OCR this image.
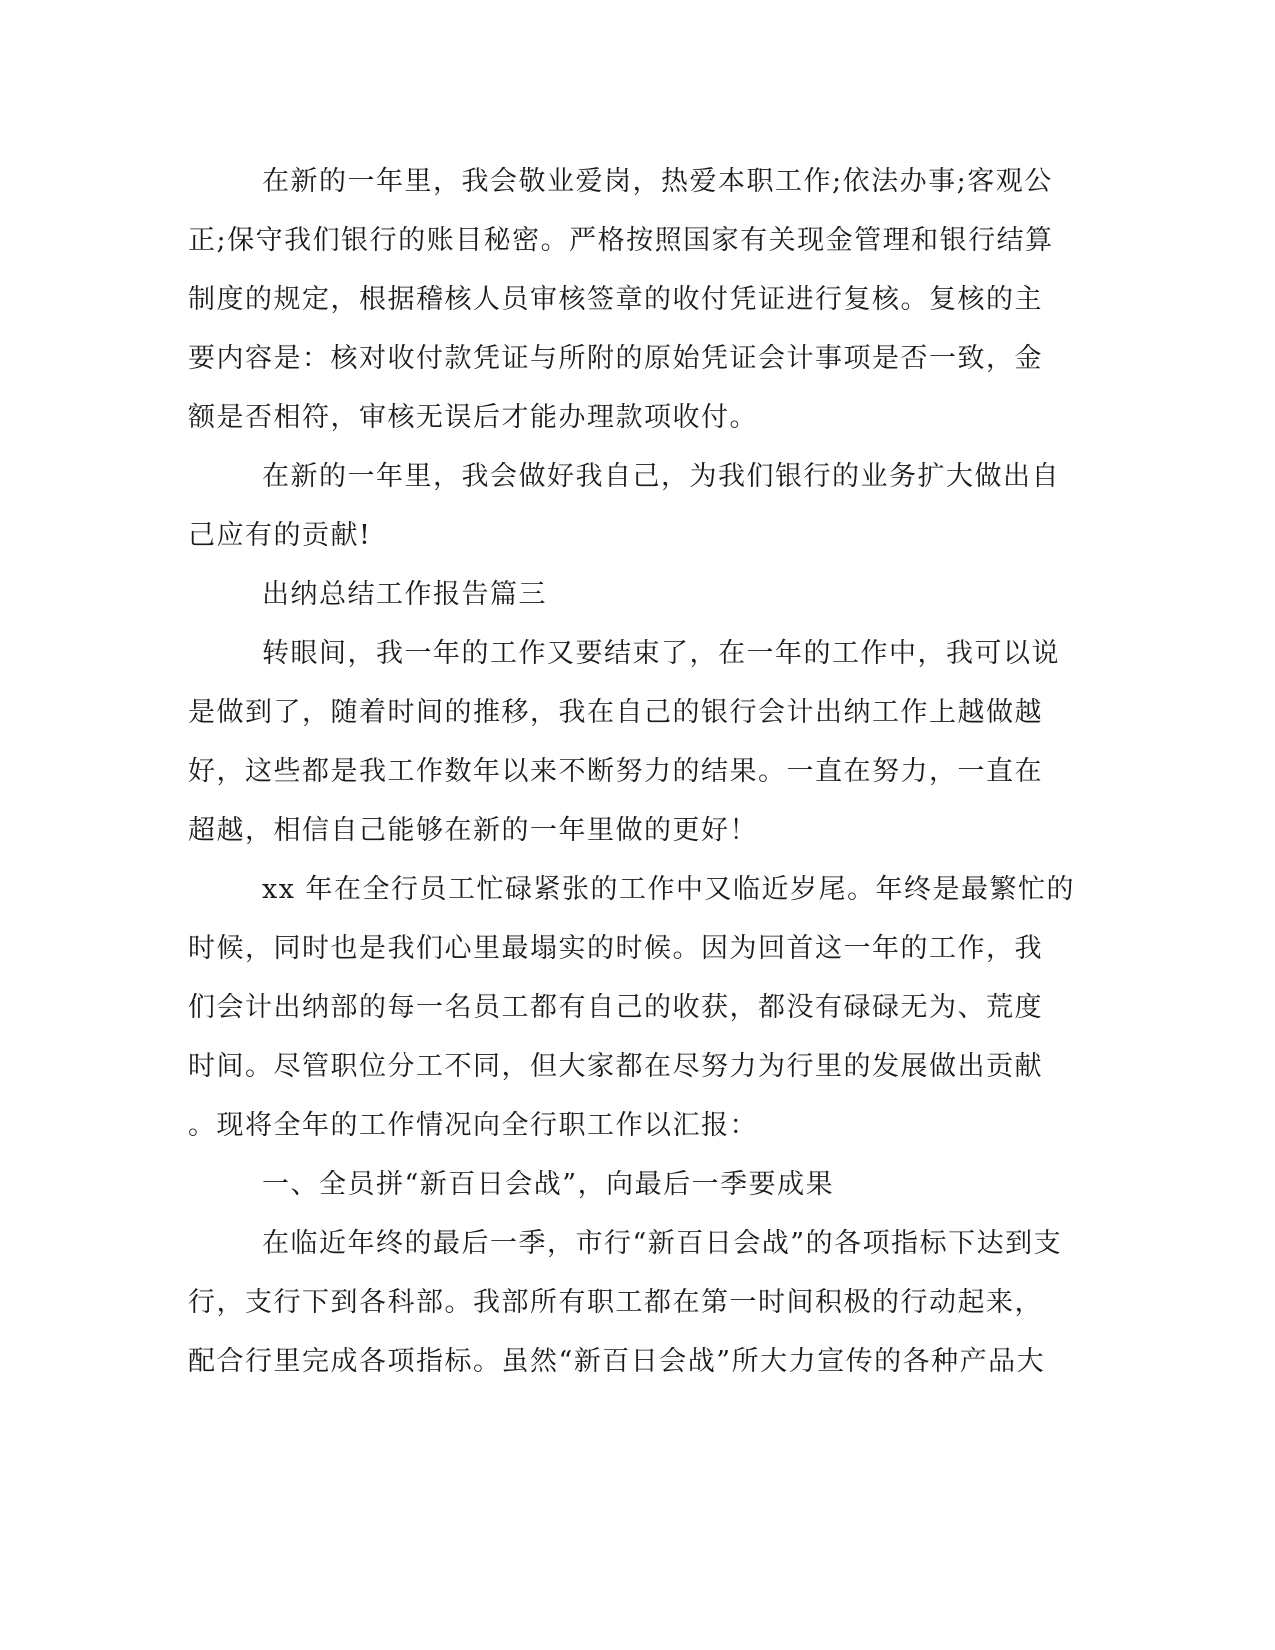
在新的一年里，我会敬业爱岗，热爱本职工作;依法办事;客观公
正;保守我们银行的账目秘密。严格按照国家有关现金管理和银行结算
制度的规定，根据稽核人员审核签章的收付凭证进行复核。复核的主
要内容是：核对收付款凭证与所附的原始凭证会计事项是否一致，金
额是否相符，审核无误后才能办理款项收付。
在新的一年里，我会做好我自己，为我们银行的业务扩大做出自
己应有的贡献!
出纳总结工作报告篇三
转眼间，我一年的工作又要结束了，在一年的工作中，我可以说
是做到了，随着时间的推移，我在自己的银行会计出纳工作上越做越
好，这些都是我工作数年以来不断努力的结果。一直在努力，一直在
超越，相信自己能够在新的一年里做的更好！
xx 年在全行员工忙碌紧张的工作中又临近岁尾。年终是最繁忙的
时候，同时也是我们心里最塌实的时候。因为回首这一年的工作，我
们会计出纳部的每一名员工都有自己的收获，都没有碌碌无为、荒度
时间。尽管职位分工不同，但大家都在尽努力为行里的发展做出贡献
。现将全年的工作情况向全行职工作以汇报：
一、全员拼“新百日会战”，向最后一季要成果
在临近年终的最后一季，市行“新百日会战”的各项指标下达到支
行，支行下到各科部。我部所有职工都在第一时间积极的行动起来，
配合行里完成各项指标。虽然“新百日会战”所大力宣传的各种产品大
